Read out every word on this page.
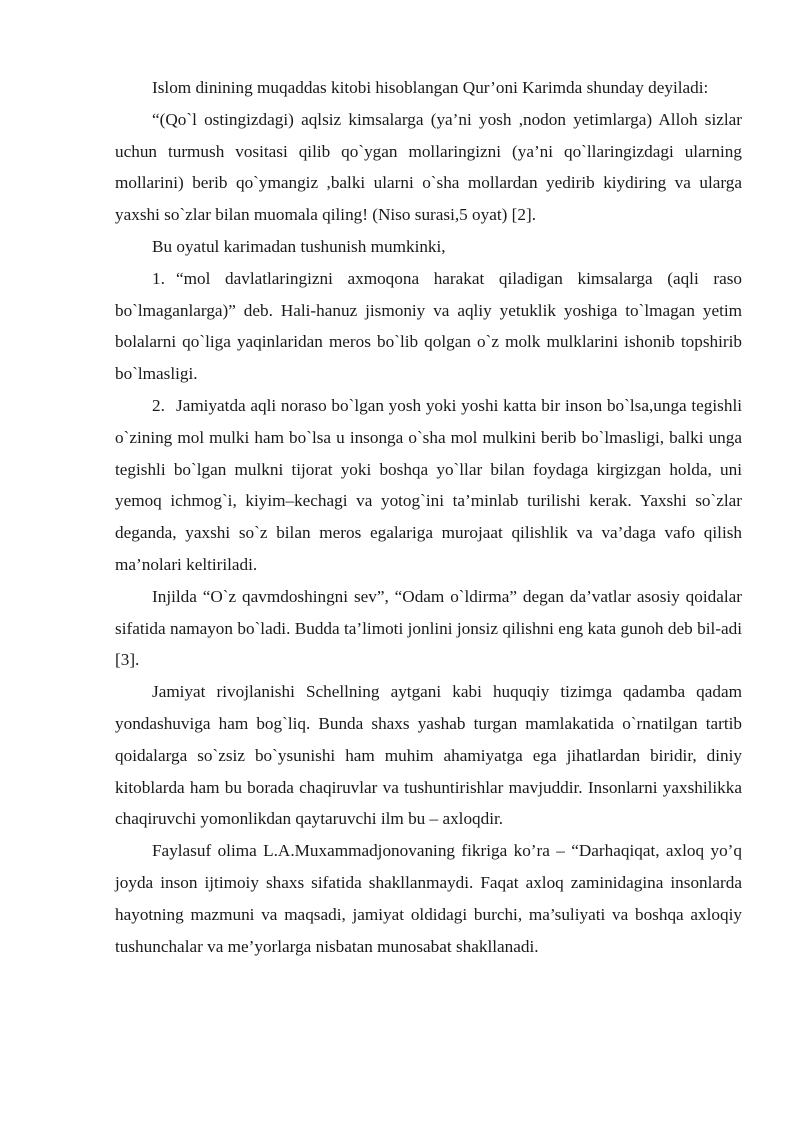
Islom dinining muqaddas kitobi hisoblangan Qur’oni Karimda shunday deyiladi:

“(Qo`l ostingizdagi) aqlsiz kimsalarga (ya’ni yosh ,nodon yetimlarga) Alloh sizlar uchun turmush vositasi qilib qo`ygan mollaringizni (ya’ni qo`llaringizdagi ularning mollarini) berib qo`ymangiz ,balki ularni o`sha mollardan yedirib kiydiring va ularga yaxshi so`zlar bilan muomala qiling! (Niso surasi,5 oyat) [2].

Bu oyatul karimadan tushunish mumkinki,

1. “mol davlatlaringizni axmoqona harakat qiladigan kimsalarga (aqli raso bo`lmaganlarga)” deb. Hali-hanuz jismoniy va aqliy yetuklik yoshiga to`lmagan yetim bolalarni qo`liga yaqinlaridan meros bo`lib qolgan o`z molk mulklarini ishonib topshirib bo`lmasligi.

2. Jamiyatda aqli noraso bo`lgan yosh yoki yoshi katta bir inson bo`lsa,unga tegishli o`zining mol mulki ham bo`lsa u insonga o`sha mol mulkini berib bo`lmasligi, balki unga tegishli bo`lgan mulkni tijorat yoki boshqa yo`llar bilan foydaga kirgizgan holda, uni yemoq ichmog`i, kiyim–kechagi va yotog`ini ta’minlab turilishi kerak. Yaxshi so`zlar deganda, yaxshi so`z bilan meros egalariga murojaat qilishlik va va’daga vafo qilish ma’nolari keltiriladi.

Injilda “O`z qavmdoshingni sev”, “Odam o`ldirma” degan da’vatlar asosiy qoidalar sifatida namayon bo`ladi. Budda ta’limoti jonlini jonsiz qilishni eng kata gunoh deb bil-adi [3].

Jamiyat rivojlanishi Schellning aytgani kabi huquqiy tizimga qadamba qadam yondashuviga ham bog`liq. Bunda shaxs yashab turgan mamlakatida o`rnatilgan tartib qoidalarga so`zsiz bo`ysunishi ham muhim ahamiyatga ega jihatlardan biridir, diniy kitoblarda ham bu borada chaqiruvlar va tushuntirishlar mavjuddir. Insonlarni yaxshilikka chaqiruvchi yomonlikdan qaytaruvchi ilm bu – axloqdir.

Faylasuf olima L.A.Muxammadjonovaning fikriga ko’ra – “Darhaqiqat, axloq yo’q joyda inson ijtimoiy shaxs sifatida shakllanmaydi. Faqat axloq zaminidagina insonlarda hayotning mazmuni va maqsadi, jamiyat oldidagi burchi, ma’suliyati va boshqa axloqiy tushunchalar va me’yorlarga nisbatan munosabat shakllanadi.
